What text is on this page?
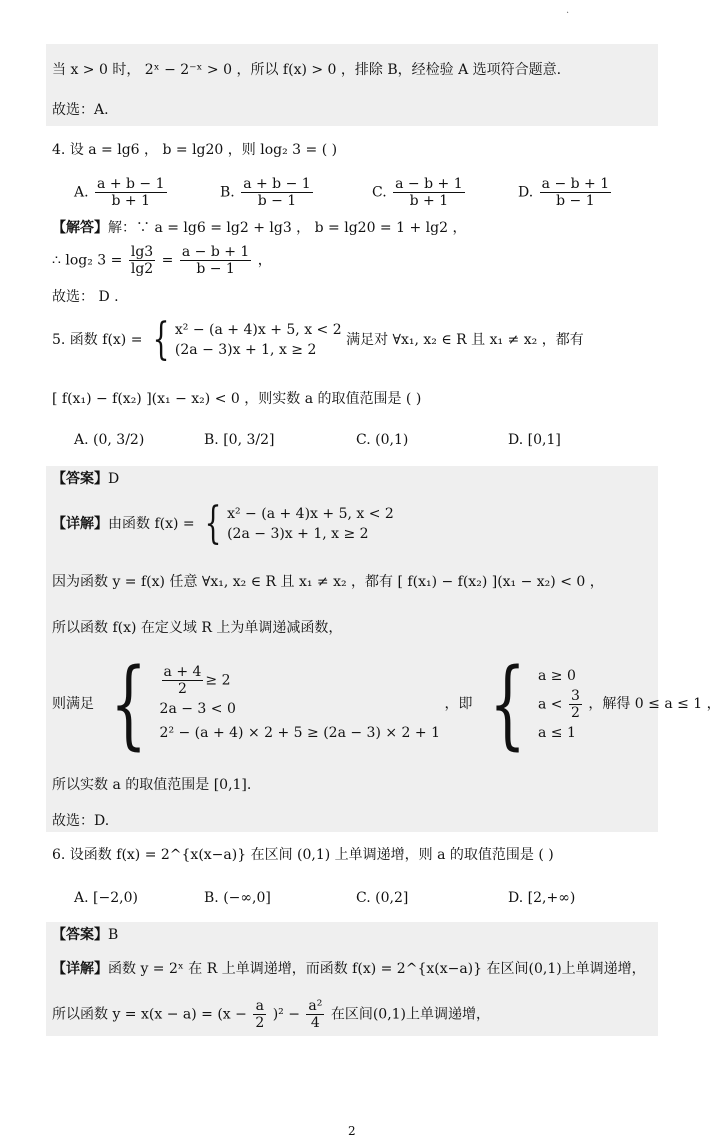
·
当 x > 0 时， 2ˣ − 2⁻ˣ > 0 ，所以 f(x) > 0 ，排除 B，经检验 A 选项符合题意.
故选：A.
4. 设 a = lg6 ， b = lg20 ，则 log₂ 3 = ( )
A. $\frac{a + b - 1}{b + 1}$	B. $\frac{a + b - 1}{b - 1}$	C. $\frac{a - b + 1}{b + 1}$	D. $\frac{a - b + 1}{b - 1}$
【解答】解：∵ a = lg6 = lg2 + lg3 ， b = lg20 = 1 + lg2 ，
∴ log₂ $3 = \frac{\lg 3}{\lg 2} = \frac{a - b + 1}{b - 1}$ ，
故选： D .
5. 函数 f(x) = { x² − (a + 4)x + 5, x < 2
(2a − 3)x + 1, x ≥ 2
满足对 ∀x₁, x₂ ∈ R 且 x₁ ≠ x₂ ，都有
[ f(x₁) − f(x₂) ](x₁ − x₂) < 0 ，则实数 a 的取值范围是 ( )
A. (0, 3/2)	B. [0, 3/2]	C. (0,1)	D. [0,1]
【答案】D
【详解】由函数 f(x) = { x² − (a + 4)x + 5, x < 2
(2a − 3)x + 1, x ≥ 2
因为函数 y = f(x) 任意 ∀x₁, x₂ ∈ R 且 x₁ ≠ x₂ ，都有 [ f(x₁) − f(x₂) ](x₁ − x₂) < 0 ，
所以函数 f(x) 在定义域 R 上为单调递减函数，
则满足 { $\frac{a + 4}{2} \ge 2$
2a − 3 < 0
2² − (a + 4) × 2 + 5 ≥ (2a − 3) × 2 + 1
，即 { a ≥ 0
$a < \frac{3}{2}$
a ≤ 1
，解得 0 ≤ a ≤ 1 ，
所以实数 a 的取值范围是 [0,1].
故选：D.
6. 设函数 f(x) = 2^{x(x−a)} 在区间 (0,1) 上单调递增，则 a 的取值范围是 ( )
A. [−2,0)	B. (−∞,0]	C. (0,2]	D. [2,+∞)
【答案】B
【详解】函数 y = 2ˣ 在 R 上单调递增，而函数 f(x) = 2^{x(x−a)} 在区间(0,1)上单调递增，
所以函数 $y = x(x - a) = (x - \frac{a}{2} )^2 - \frac{\text{a²}}{4}$ 在区间(0,1)上单调递增，
2
